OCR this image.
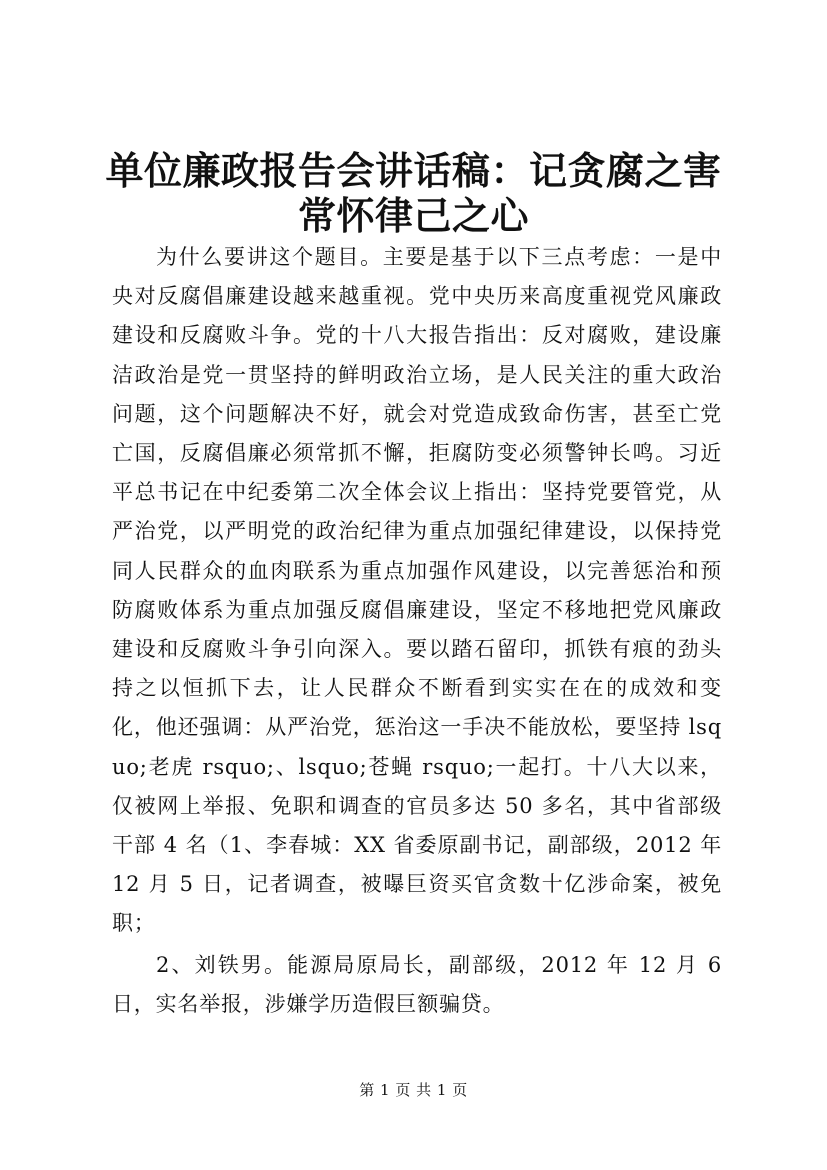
单位廉政报告会讲话稿：记贪腐之害常怀律己之心

为什么要讲这个题目。主要是基于以下三点考虑：一是中央对反腐倡廉建设越来越重视。党中央历来高度重视党风廉政建设和反腐败斗争。党的十八大报告指出：反对腐败，建设廉洁政治是党一贯坚持的鲜明政治立场，是人民关注的重大政治问题，这个问题解决不好，就会对党造成致命伤害，甚至亡党亡国，反腐倡廉必须常抓不懈，拒腐防变必须警钟长鸣。习近平总书记在中纪委第二次全体会议上指出：坚持党要管党，从严治党，以严明党的政治纪律为重点加强纪律建设，以保持党同人民群众的血肉联系为重点加强作风建设，以完善惩治和预防腐败体系为重点加强反腐倡廉建设，坚定不移地把党风廉政建设和反腐败斗争引向深入。要以踏石留印，抓铁有痕的劲头持之以恒抓下去，让人民群众不断看到实实在在的成效和变化，他还强调：从严治党，惩治这一手决不能放松，要坚持 lsquo;老虎 rsquo;、lsquo;苍蝇 rsquo;一起打。十八大以来，仅被网上举报、免职和调查的官员多达 50 多名，其中省部级干部 4 名（1、李春城：XX 省委原副书记，副部级，2012 年 12 月 5 日，记者调查，被曝巨资买官贪数十亿涉命案，被免职；

2、刘铁男。能源局原局长，副部级，2012 年 12 月 6 日，实名举报，涉嫌学历造假巨额骗贷。

第 1 页 共 1 页
